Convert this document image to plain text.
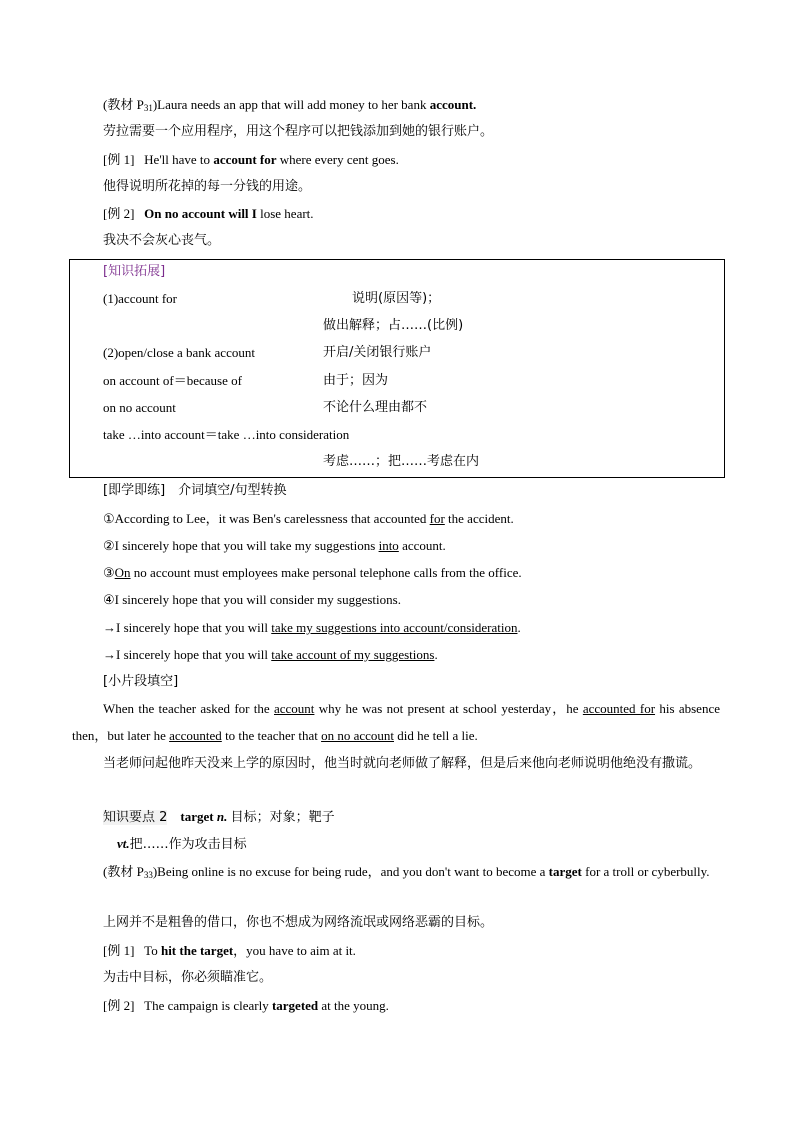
(教材 $P_{31})Laura$ needs an app that will add money to her bank account.
劳拉需要一个应用程序，用这个程序可以把钱添加到她的银行账户。
[例 1] He'll have to account for where every cent goes.
他得说明所花掉的每一分钱的用途。
[例 2] On no account will I lose heart.
我决不会灰心丧气。
[知识拓展]
(1)account for	说明(原因等)；
做出解释；占……(比例)
(2)open/close a bank account	开启/关闭银行账户
on account of＝because of	由于；因为
on no account	不论什么理由都不
take …into account＝take …into consideration
考虑……；把……考虑在内
[即学即练]　介词填空/句型转换
①According to Lee，it was Ben's carelessness that accounted for the accident.
②I sincerely hope that you will take my suggestions into account.
③On no account must employees make personal telephone calls from the office.
④I sincerely hope that you will consider my suggestions.
→I sincerely hope that you will take my suggestions into account/consideration.
→I sincerely hope that you will take account of my suggestions.
[小片段填空]
When the teacher asked for the account why he was not present at school yesterday，he accounted for his absence then，but later he accounted to the teacher that on no account did he tell a lie.
当老师问起他昨天没来上学的原因时，他当时就向老师做了解释，但是后来他向老师说明他绝没有撒谎。
知识要点 2 target n. 目标；对象；靶子
vt.把……作为攻击目标
(教材 $P_{33})Being$ online is no excuse for being rude，and you don't want to become a target for a troll or cyberbully.
上网并不是粗鲁的借口，你也不想成为网络流氓或网络恶霸的目标。
[例 1] To hit the target，you have to aim at it.
为击中目标，你必须瞄准它。
[例 2] The campaign is clearly targeted at the young.
